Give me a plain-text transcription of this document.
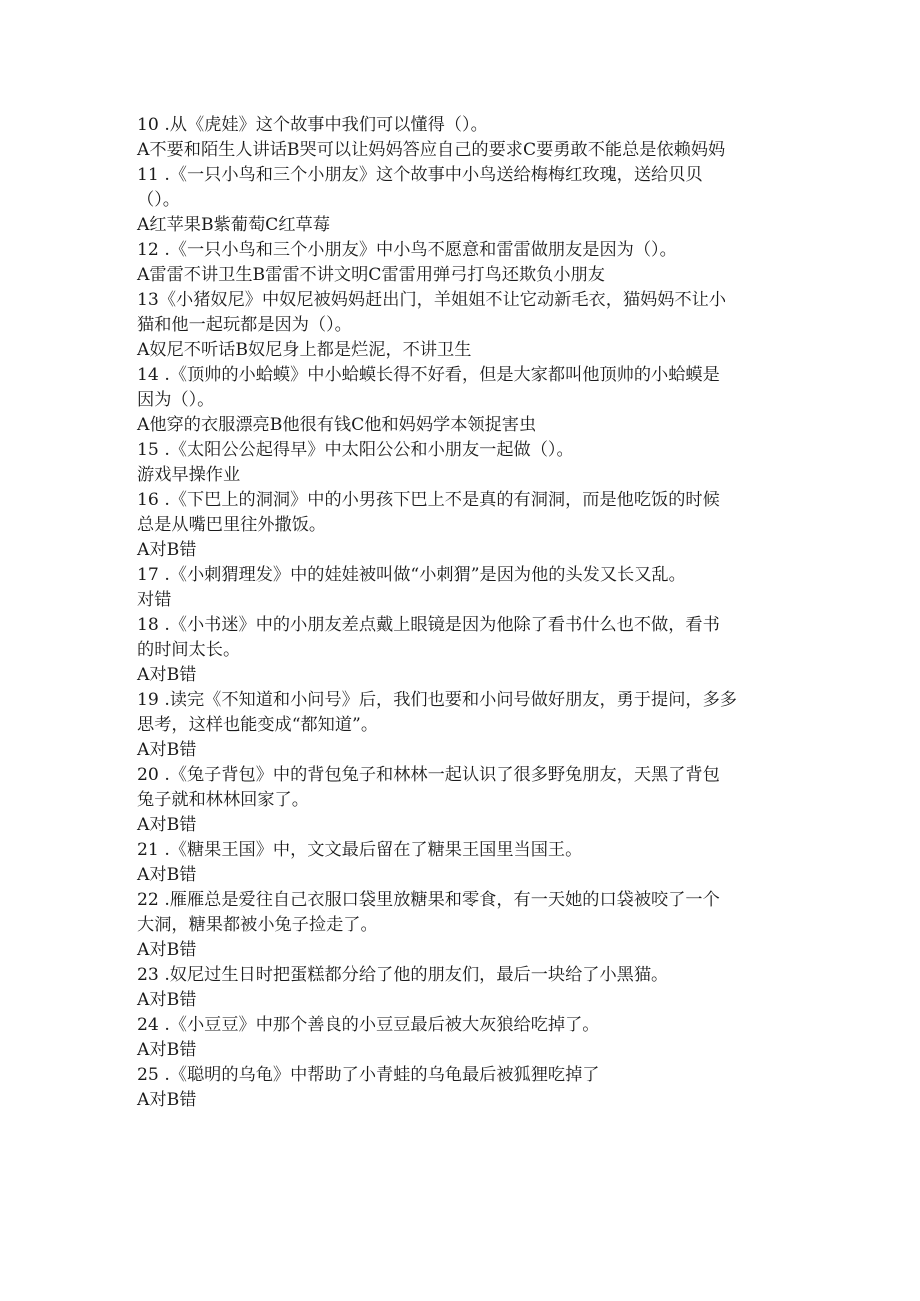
10 .从《虎娃》这个故事中我们可以懂得（）。
A不要和陌生人讲话B哭可以让妈妈答应自己的要求C要勇敢不能总是依赖妈妈
11 .《一只小鸟和三个小朋友》这个故事中小鸟送给梅梅红玫瑰，送给贝贝
（）。
A红苹果B紫葡萄C红草莓
12 .《一只小鸟和三个小朋友》中小鸟不愿意和雷雷做朋友是因为（）。
A雷雷不讲卫生B雷雷不讲文明C雷雷用弹弓打鸟还欺负小朋友
13《小猪奴尼》中奴尼被妈妈赶出门，羊姐姐不让它动新毛衣，猫妈妈不让小
猫和他一起玩都是因为（）。
A奴尼不听话B奴尼身上都是烂泥，不讲卫生
14 .《顶帅的小蛤蟆》中小蛤蟆长得不好看，但是大家都叫他顶帅的小蛤蟆是
因为（）。
A他穿的衣服漂亮B他很有钱C他和妈妈学本领捉害虫
15 .《太阳公公起得早》中太阳公公和小朋友一起做（）。
游戏早操作业
16 .《下巴上的洞洞》中的小男孩下巴上不是真的有洞洞，而是他吃饭的时候
总是从嘴巴里往外撒饭。
A对B错
17 .《小刺猬理发》中的娃娃被叫做“小刺猬”是因为他的头发又长又乱。
对错
18 .《小书迷》中的小朋友差点戴上眼镜是因为他除了看书什么也不做，看书
的时间太长。
A对B错
19 .读完《不知道和小问号》后，我们也要和小问号做好朋友，勇于提问，多多
思考，这样也能变成“都知道”。
A对B错
20 .《兔子背包》中的背包兔子和林林一起认识了很多野兔朋友，天黑了背包
兔子就和林林回家了。
A对B错
21 .《糖果王国》中，文文最后留在了糖果王国里当国王。
A对B错
22 .雁雁总是爱往自己衣服口袋里放糖果和零食，有一天她的口袋被咬了一个
大洞，糖果都被小兔子捡走了。
A对B错
23 .奴尼过生日时把蛋糕都分给了他的朋友们，最后一块给了小黑猫。
A对B错
24 .《小豆豆》中那个善良的小豆豆最后被大灰狼给吃掉了。
A对B错
25 .《聪明的乌龟》中帮助了小青蛙的乌龟最后被狐狸吃掉了
A对B错
